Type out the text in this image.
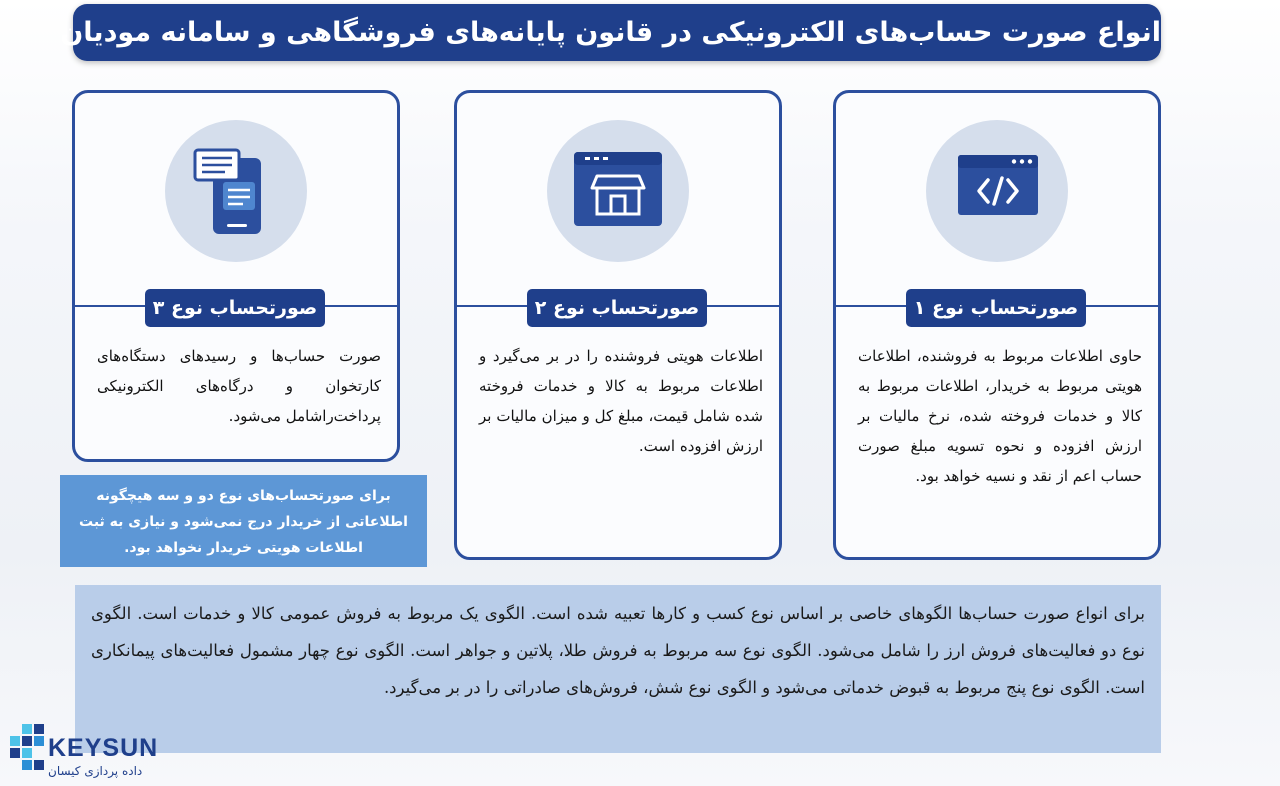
انواع صورت حساب‌های الکترونیکی در قانون پایانه‌های فروشگاهی و سامانه مودیان
صورتحساب نوع ۱
حاوی اطلاعات مربوط به فروشنده، اطلاعات هویتی مربوط به خریدار، اطلاعات مربوط به کالا و خدمات فروخته شده، نرخ مالیات بر ارزش افزوده و نحوه تسویه مبلغ صورت حساب اعم از نقد و نسیه خواهد بود.
صورتحساب نوع ۲
اطلاعات هویتی فروشنده را در بر می‌گیرد و اطلاعات مربوط به کالا و خدمات فروخته شده شامل قیمت، مبلغ کل و میزان مالیات بر ارزش افزوده است.
صورتحساب نوع ۳
صورت حساب‌ها و رسیدهای دستگاه‌های کارتخوان و درگاه‌های الکترونیکی پرداخت‌راشامل می‌شود.
برای صورتحساب‌های نوع دو و سه هیچگونه اطلاعاتی از خریدار درج نمی‌شود و نیازی به ثبت اطلاعات هویتی خریدار نخواهد بود.
برای انواع صورت حساب‌ها الگوهای خاصی بر اساس نوع کسب و کارها تعبیه شده است. الگوی یک مربوط به فروش عمومی کالا و خدمات است. الگوی نوع دو فعالیت‌های فروش ارز را شامل می‌شود. الگوی نوع سه مربوط به فروش طلا، پلاتین و جواهر است. الگوی نوع چهار مشمول فعالیت‌های پیمانکاری است. الگوی نوع پنج مربوط به قبوض خدماتی می‌شود و الگوی نوع شش، فروش‌های صادراتی را در بر می‌گیرد.
KEYSUN
داده پردازی کیسان
